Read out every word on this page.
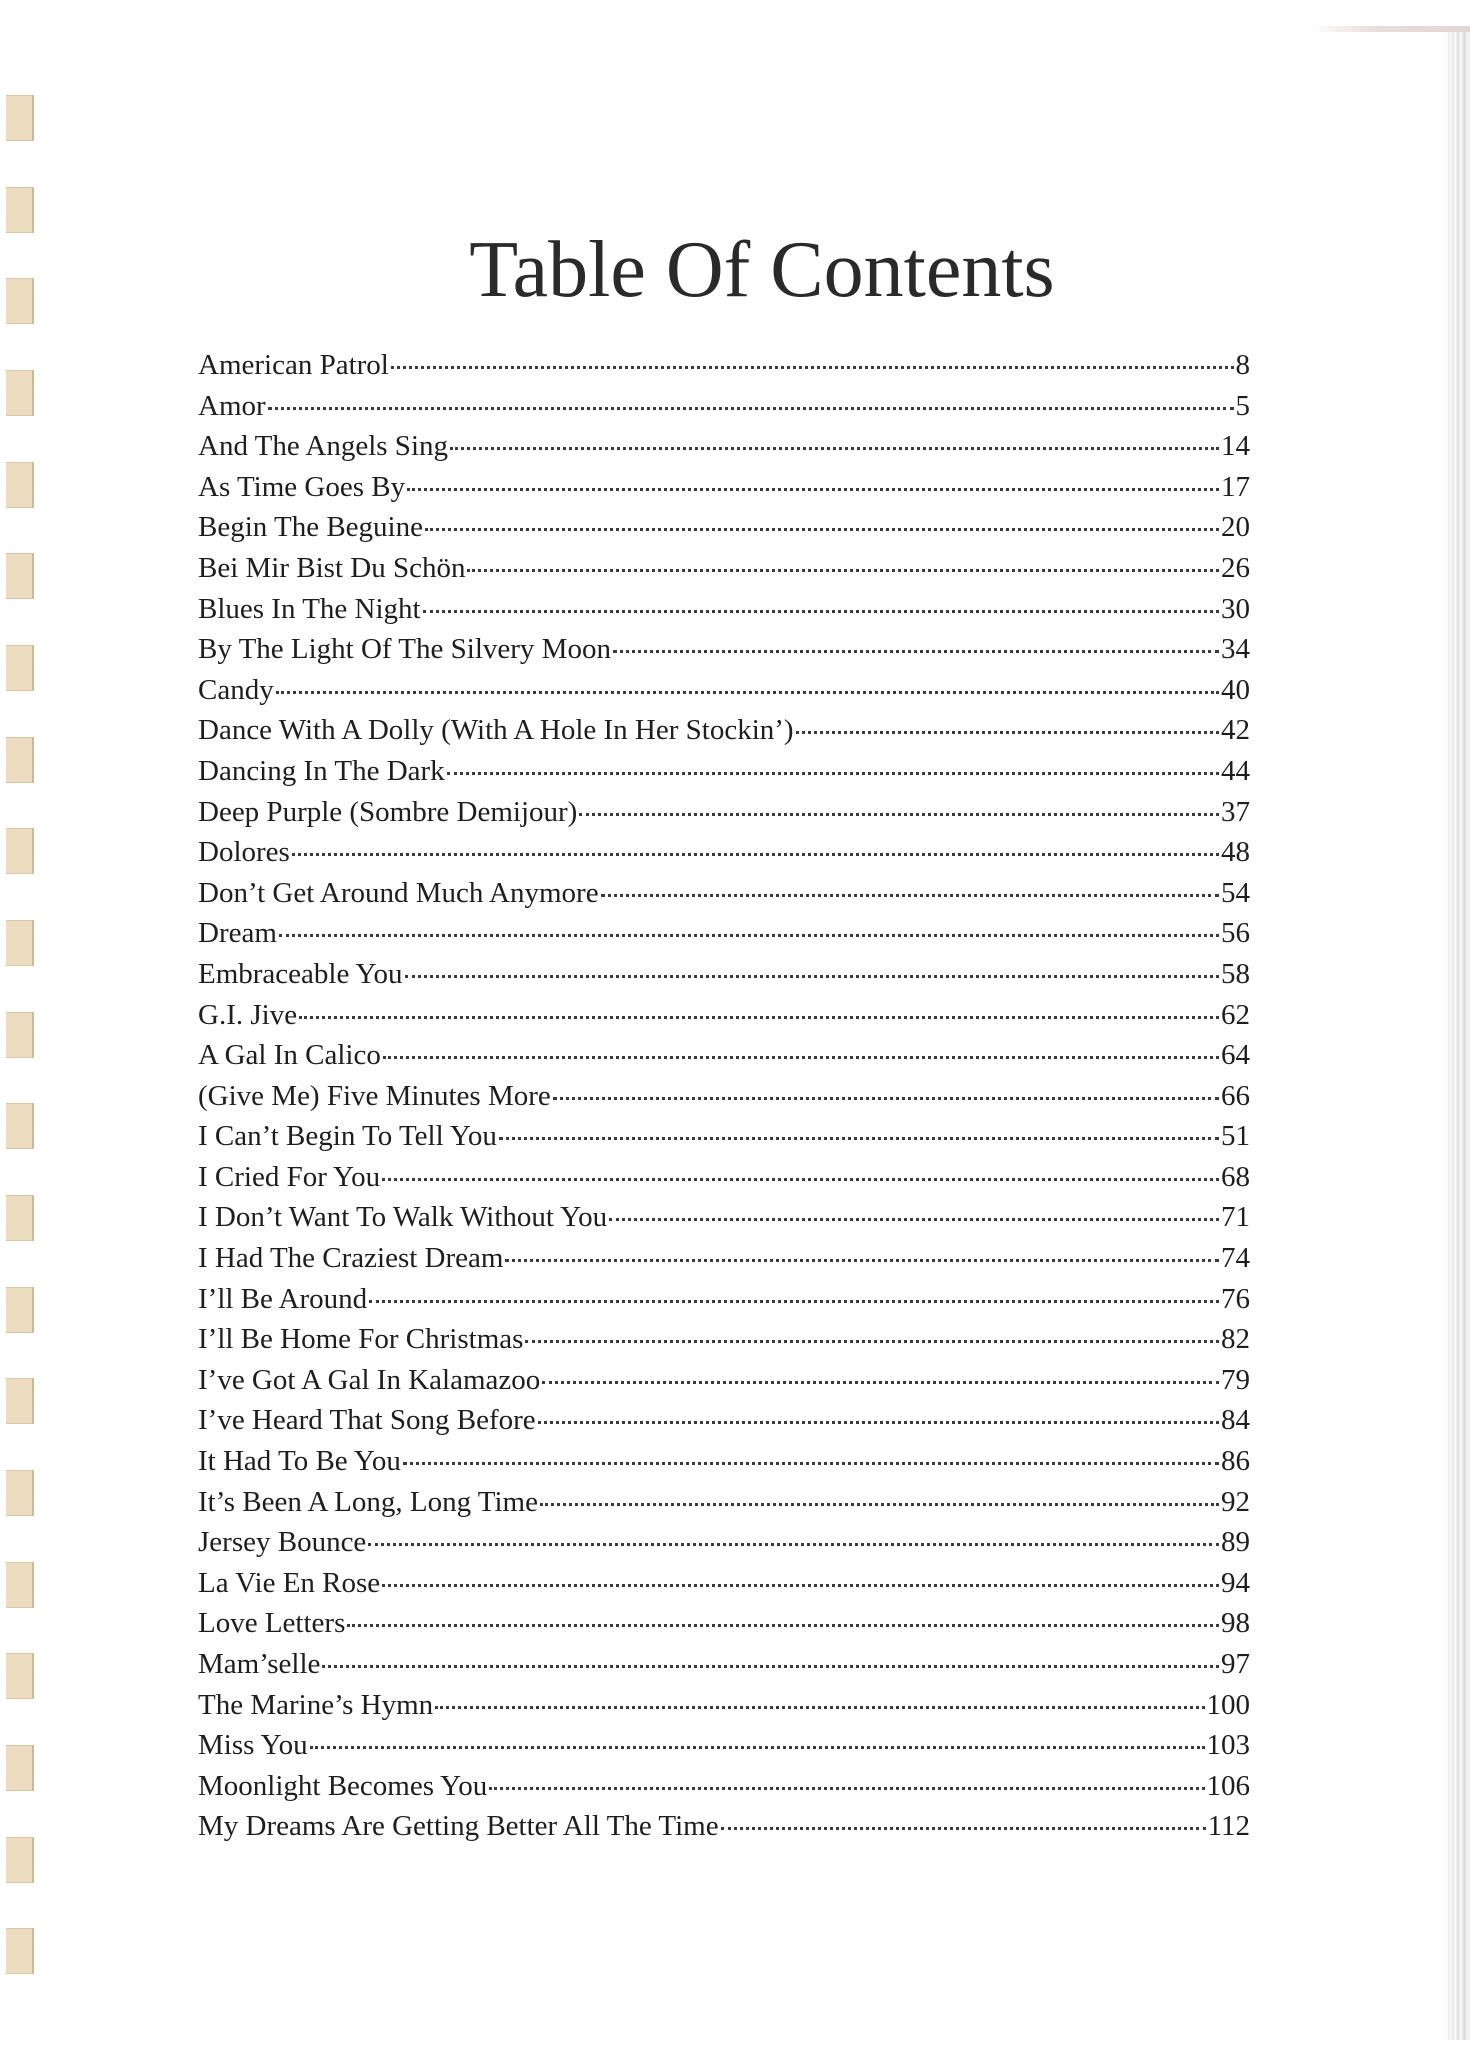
Table Of Contents
American Patrol	8
Amor	5
And The Angels Sing	14
As Time Goes By	17
Begin The Beguine	20
Bei Mir Bist Du Schön	26
Blues In The Night	30
By The Light Of The Silvery Moon	34
Candy	40
Dance With A Dolly (With A Hole In Her Stockin’)	42
Dancing In The Dark	44
Deep Purple (Sombre Demijour)	37
Dolores	48
Don’t Get Around Much Anymore	54
Dream	56
Embraceable You	58
G.I. Jive	62
A Gal In Calico	64
(Give Me) Five Minutes More	66
I Can’t Begin To Tell You	51
I Cried For You	68
I Don’t Want To Walk Without You	71
I Had The Craziest Dream	74
I’ll Be Around	76
I’ll Be Home For Christmas	82
I’ve Got A Gal In Kalamazoo	79
I’ve Heard That Song Before	84
It Had To Be You	86
It’s Been A Long, Long Time	92
Jersey Bounce	89
La Vie En Rose	94
Love Letters	98
Mam’selle	97
The Marine’s Hymn	100
Miss You	103
Moonlight Becomes You	106
My Dreams Are Getting Better All The Time	112
